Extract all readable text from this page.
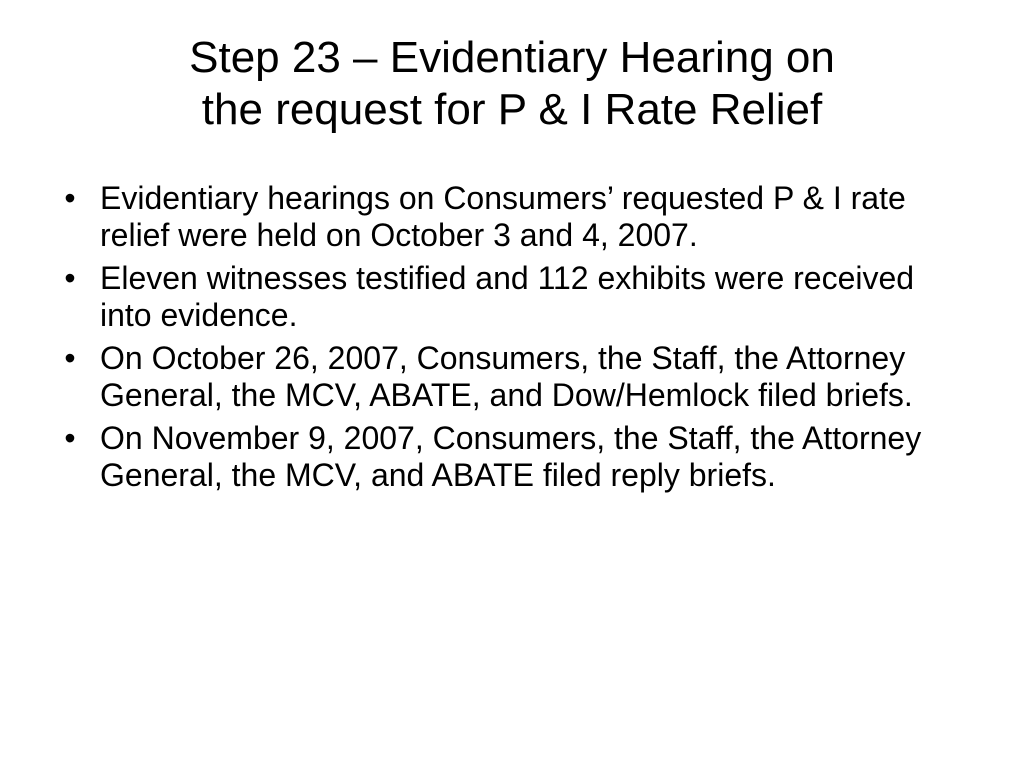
Step 23 – Evidentiary Hearing on
the request for P & I Rate Relief
• Evidentiary hearings on Consumers’ requested P & I rate relief were held on October 3 and 4, 2007.
• Eleven witnesses testified and 112 exhibits were received into evidence.
• On October 26, 2007, Consumers, the Staff, the Attorney General, the MCV, ABATE, and Dow/Hemlock filed briefs.
• On November 9, 2007, Consumers, the Staff, the Attorney General, the MCV, and ABATE filed reply briefs.
